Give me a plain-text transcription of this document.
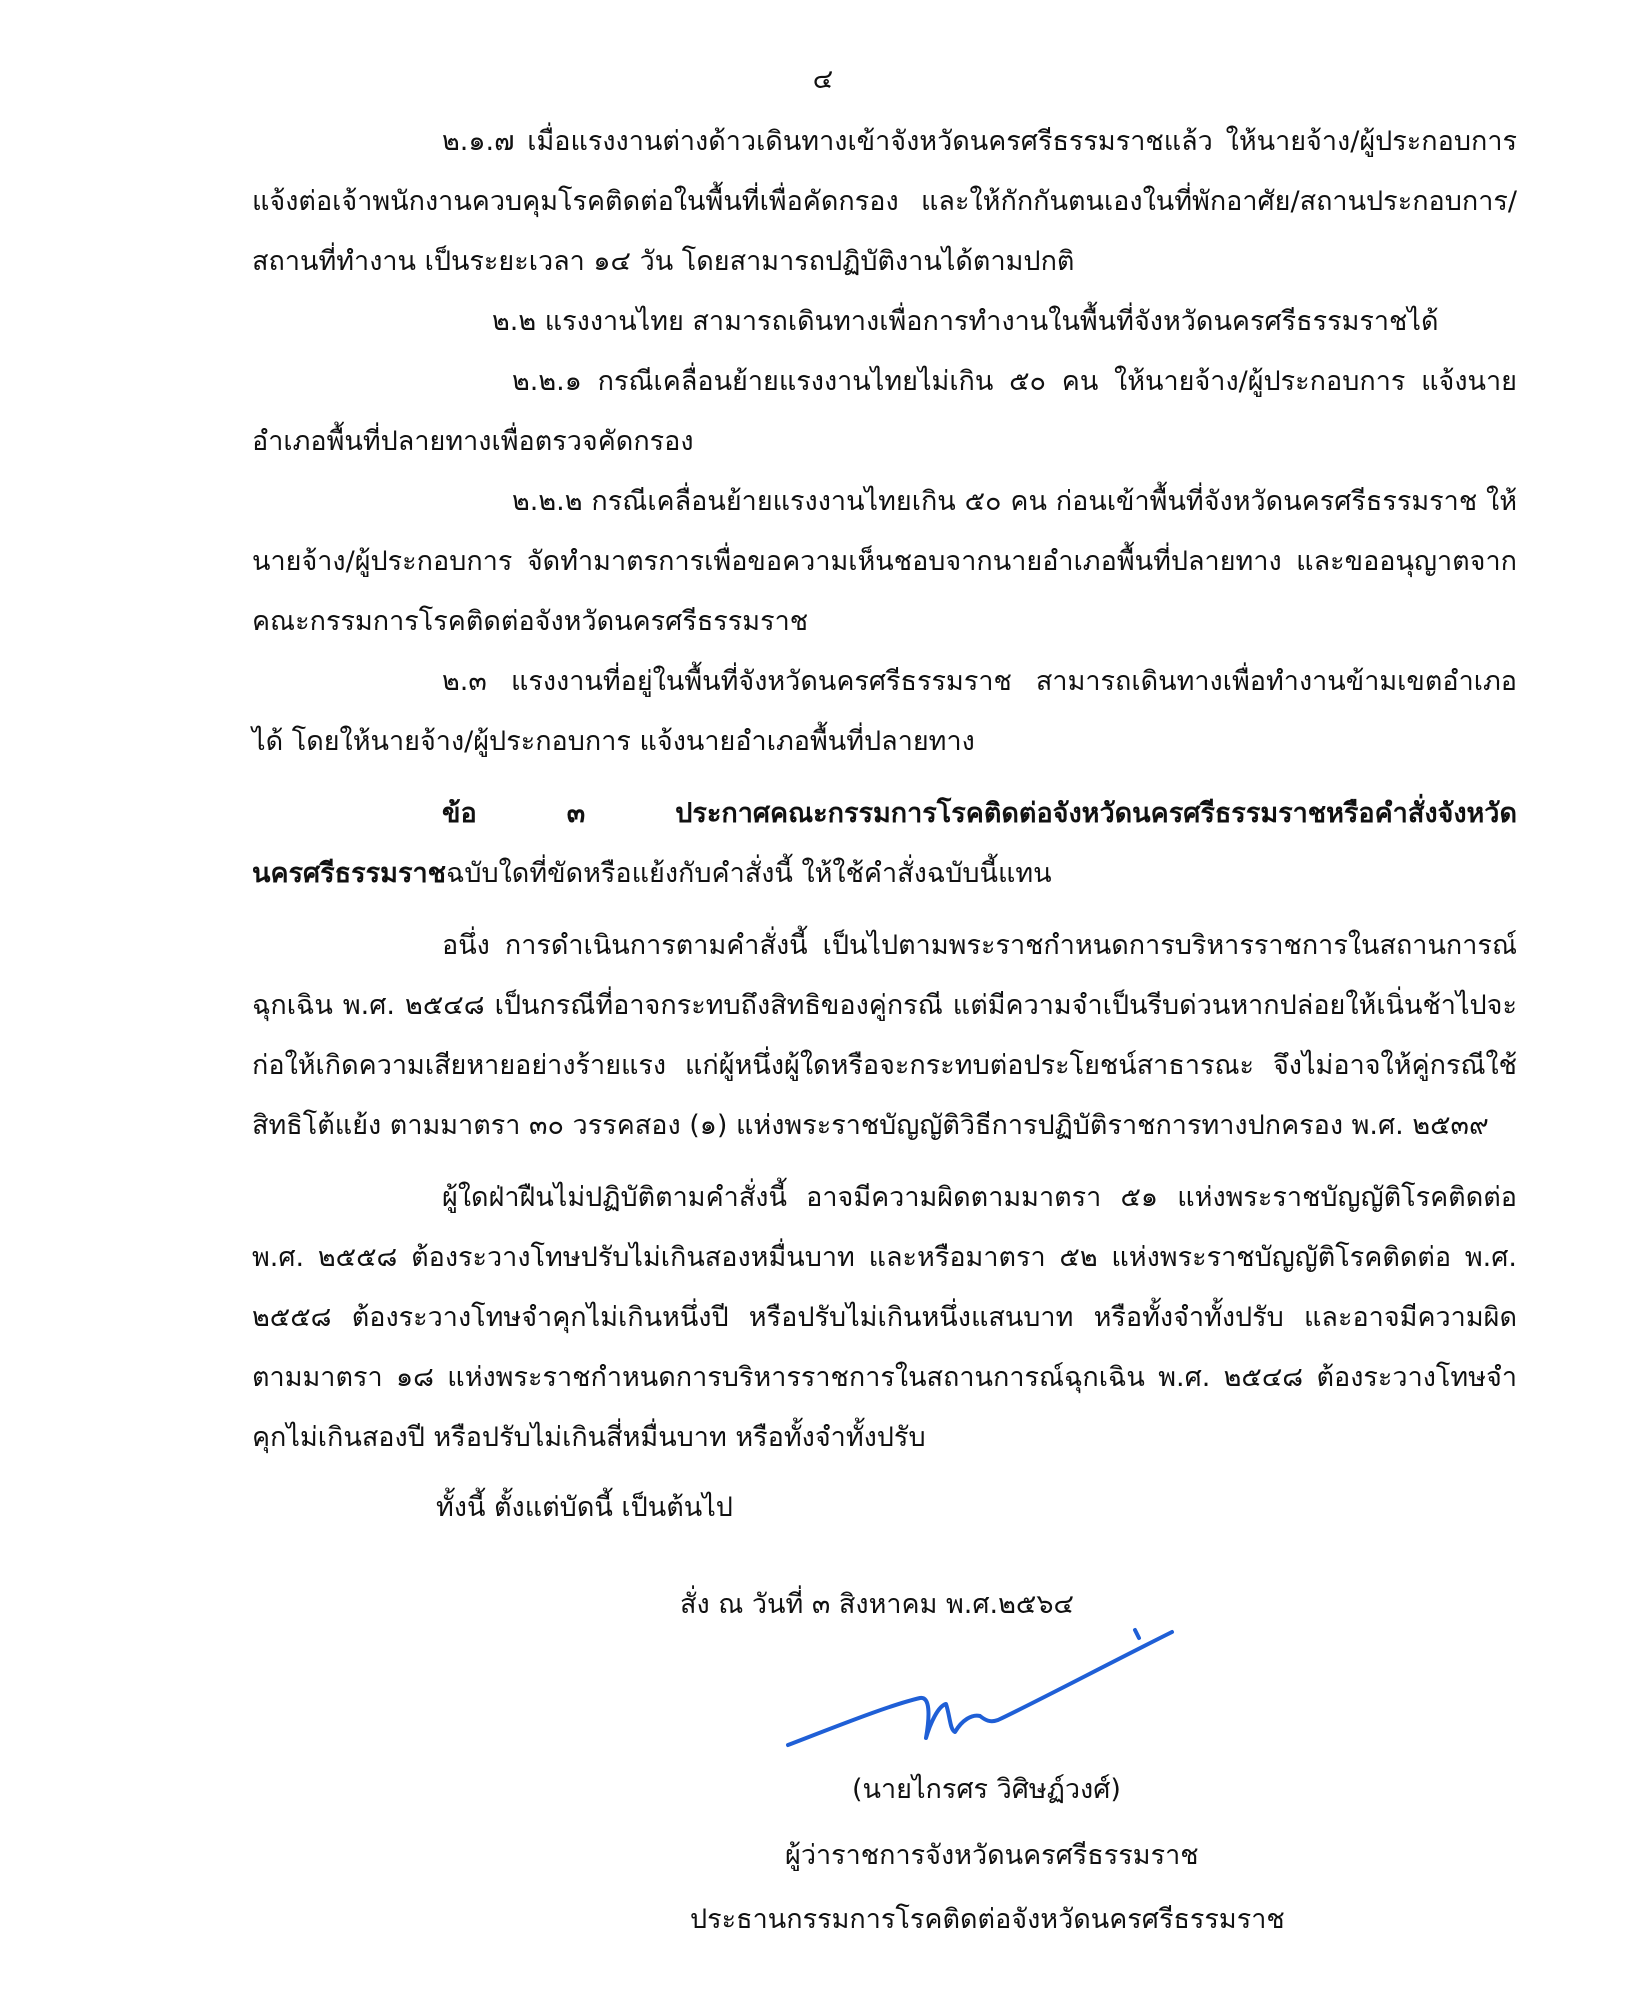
๔

๒.๑.๗ เมื่อแรงงานต่างด้าวเดินทางเข้าจังหวัดนครศรีธรรมราชแล้ว ให้นายจ้าง/ผู้ประกอบการ แจ้งต่อเจ้าพนักงานควบคุมโรคติดต่อในพื้นที่เพื่อคัดกรอง และให้กักกันตนเองในที่พักอาศัย/สถานประกอบการ/สถานที่ทำงาน เป็นระยะเวลา ๑๔ วัน โดยสามารถปฏิบัติงานได้ตามปกติ

๒.๒ แรงงานไทย สามารถเดินทางเพื่อการทำงานในพื้นที่จังหวัดนครศรีธรรมราชได้

๒.๒.๑ กรณีเคลื่อนย้ายแรงงานไทยไม่เกิน ๕๐ คน ให้นายจ้าง/ผู้ประกอบการ แจ้งนายอำเภอพื้นที่ปลายทางเพื่อตรวจคัดกรอง

๒.๒.๒ กรณีเคลื่อนย้ายแรงงานไทยเกิน ๕๐ คน ก่อนเข้าพื้นที่จังหวัดนครศรีธรรมราช ให้นายจ้าง/ผู้ประกอบการ จัดทำมาตรการเพื่อขอความเห็นชอบจากนายอำเภอพื้นที่ปลายทาง และขออนุญาตจากคณะกรรมการโรคติดต่อจังหวัดนครศรีธรรมราช

๒.๓ แรงงานที่อยู่ในพื้นที่จังหวัดนครศรีธรรมราช สามารถเดินทางเพื่อทำงานข้ามเขตอำเภอได้ โดยให้นายจ้าง/ผู้ประกอบการ แจ้งนายอำเภอพื้นที่ปลายทาง

ข้อ ๓ ประกาศคณะกรรมการโรคติดต่อจังหวัดนครศรีธรรมราชหรือคำสั่งจังหวัดนครศรีธรรมราชฉบับใดที่ขัดหรือแย้งกับคำสั่งนี้ ให้ใช้คำสั่งฉบับนี้แทน

อนึ่ง การดำเนินการตามคำสั่งนี้ เป็นไปตามพระราชกำหนดการบริหารราชการในสถานการณ์ฉุกเฉิน พ.ศ. ๒๕๔๘ เป็นกรณีที่อาจกระทบถึงสิทธิของคู่กรณี แต่มีความจำเป็นรีบด่วนหากปล่อยให้เนิ่นช้าไปจะก่อให้เกิดความเสียหายอย่างร้ายแรง แก่ผู้หนึ่งผู้ใดหรือจะกระทบต่อประโยชน์สาธารณะ จึงไม่อาจให้คู่กรณีใช้สิทธิโต้แย้ง ตามมาตรา ๓๐ วรรคสอง (๑) แห่งพระราชบัญญัติวิธีการปฏิบัติราชการทางปกครอง พ.ศ. ๒๕๓๙

ผู้ใดฝ่าฝืนไม่ปฏิบัติตามคำสั่งนี้ อาจมีความผิดตามมาตรา ๕๑ แห่งพระราชบัญญัติโรคติดต่อ พ.ศ. ๒๕๕๘ ต้องระวางโทษปรับไม่เกินสองหมื่นบาท และหรือมาตรา ๕๒ แห่งพระราชบัญญัติโรคติดต่อ พ.ศ. ๒๕๕๘ ต้องระวางโทษจำคุกไม่เกินหนึ่งปี หรือปรับไม่เกินหนึ่งแสนบาท หรือทั้งจำทั้งปรับ และอาจมีความผิดตามมาตรา ๑๘ แห่งพระราชกำหนดการบริหารราชการในสถานการณ์ฉุกเฉิน พ.ศ. ๒๕๔๘ ต้องระวางโทษจำคุกไม่เกินสองปี หรือปรับไม่เกินสี่หมื่นบาท หรือทั้งจำทั้งปรับ

ทั้งนี้ ตั้งแต่บัดนี้ เป็นต้นไป

สั่ง ณ วันที่ ๓ สิงหาคม พ.ศ.๒๕๖๔
(นายไกรศร วิศิษฏ์วงศ์)
ผู้ว่าราชการจังหวัดนครศรีธรรมราช
ประธานกรรมการโรคติดต่อจังหวัดนครศรีธรรมราช
